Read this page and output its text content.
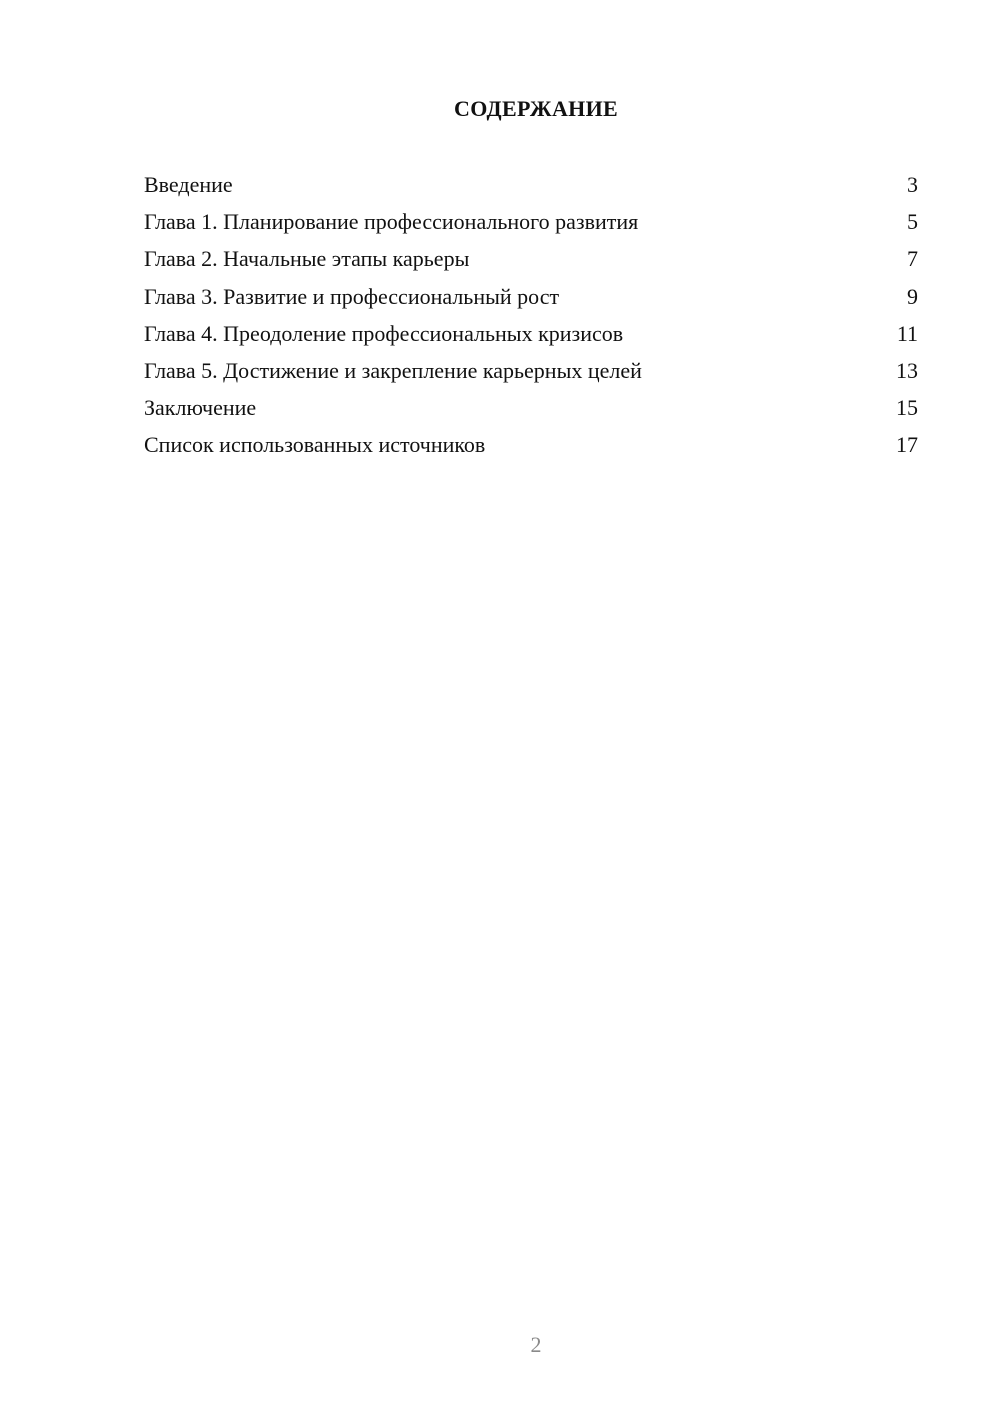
СОДЕРЖАНИЕ
Введение	3
Глава 1. Планирование профессионального развития	5
Глава 2. Начальные этапы карьеры	7
Глава 3. Развитие и профессиональный рост	9
Глава 4. Преодоление профессиональных кризисов	11
Глава 5. Достижение и закрепление карьерных целей	13
Заключение	15
Список использованных источников	17
2
